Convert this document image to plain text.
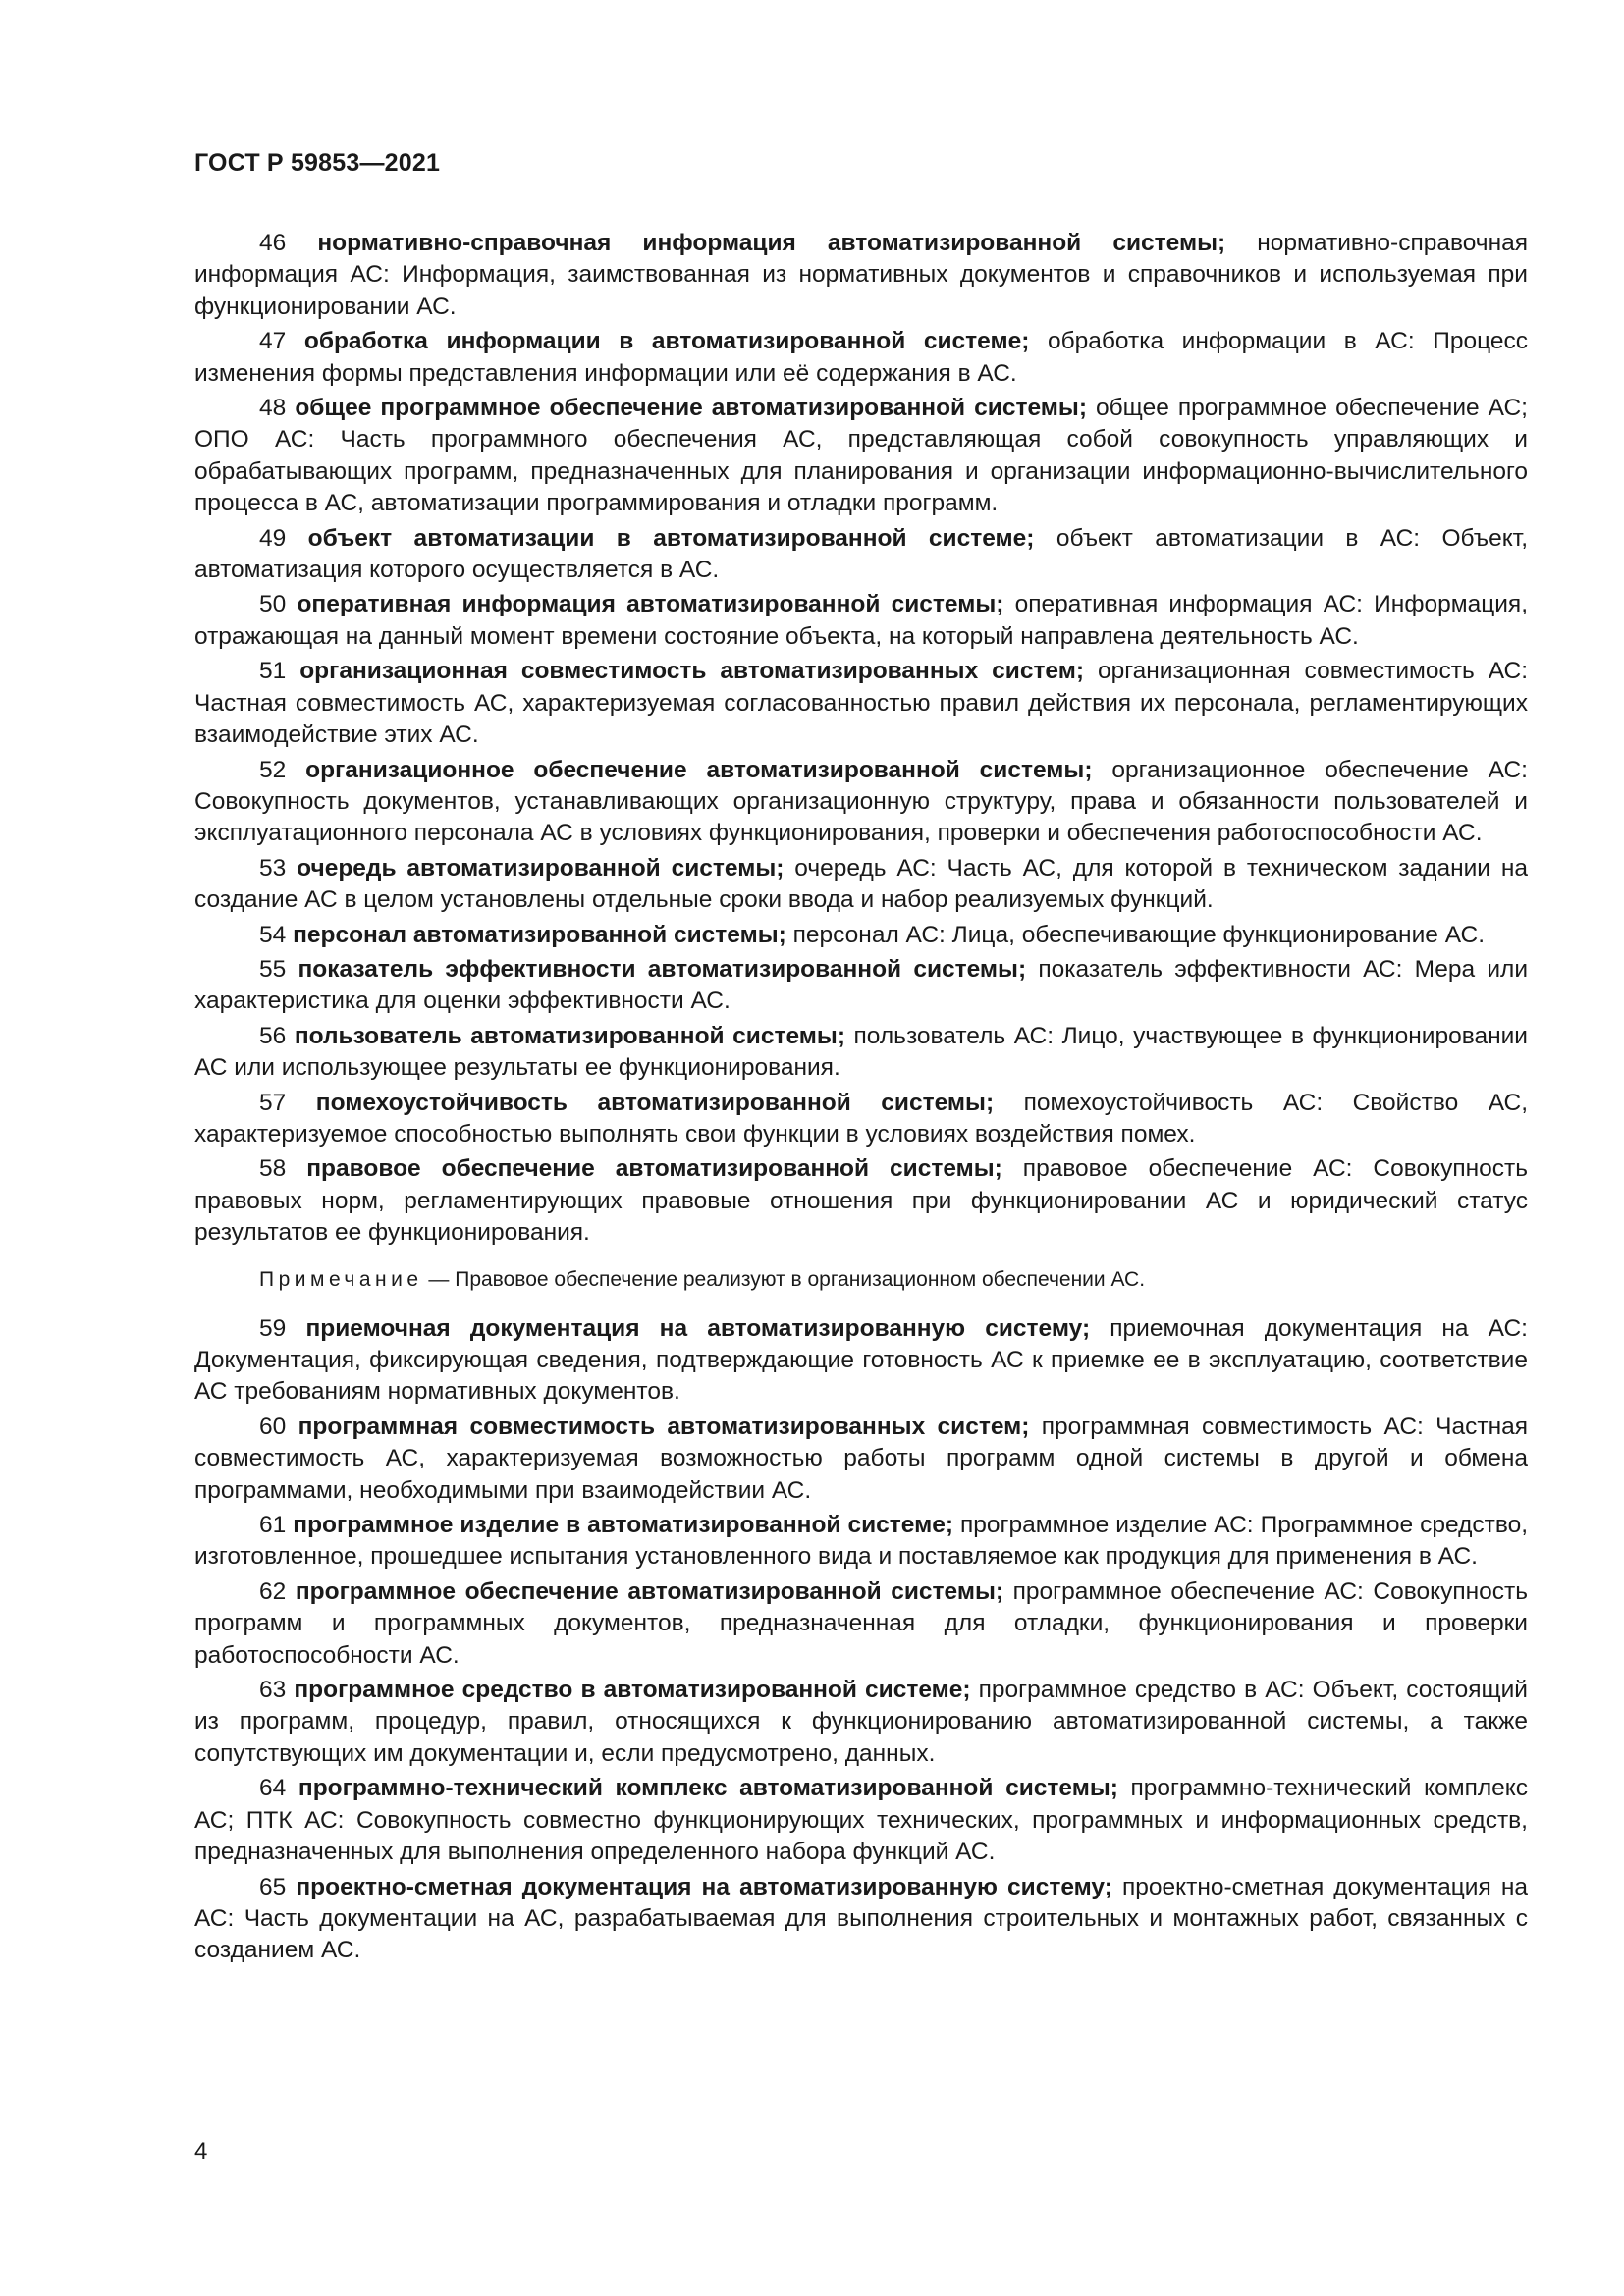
ГОСТ Р 59853—2021

46 нормативно-справочная информация автоматизированной системы; нормативно-справочная информация АС: Информация, заимствованная из нормативных документов и справочников и используемая при функционировании АС.

47 обработка информации в автоматизированной системе; обработка информации в АС: Процесс изменения формы представления информации или её содержания в АС.

48 общее программное обеспечение автоматизированной системы; общее программное обеспечение АС; ОПО АС: Часть программного обеспечения АС, представляющая собой совокупность управляющих и обрабатывающих программ, предназначенных для планирования и организации информационно-вычислительного процесса в АС, автоматизации программирования и отладки программ.

49 объект автоматизации в автоматизированной системе; объект автоматизации в АС: Объект, автоматизация которого осуществляется в АС.

50 оперативная информация автоматизированной системы; оперативная информация АС: Информация, отражающая на данный момент времени состояние объекта, на который направлена деятельность АС.

51 организационная совместимость автоматизированных систем; организационная совместимость АС: Частная совместимость АС, характеризуемая согласованностью правил действия их персонала, регламентирующих взаимодействие этих АС.

52 организационное обеспечение автоматизированной системы; организационное обеспечение АС: Совокупность документов, устанавливающих организационную структуру, права и обязанности пользователей и эксплуатационного персонала АС в условиях функционирования, проверки и обеспечения работоспособности АС.

53 очередь автоматизированной системы; очередь АС: Часть АС, для которой в техническом задании на создание АС в целом установлены отдельные сроки ввода и набор реализуемых функций.

54 персонал автоматизированной системы; персонал АС: Лица, обеспечивающие функционирование АС.

55 показатель эффективности автоматизированной системы; показатель эффективности АС: Мера или характеристика для оценки эффективности АС.

56 пользователь автоматизированной системы; пользователь АС: Лицо, участвующее в функционировании АС или использующее результаты ее функционирования.

57 помехоустойчивость автоматизированной системы; помехоустойчивость АС: Свойство АС, характеризуемое способностью выполнять свои функции в условиях воздействия помех.

58 правовое обеспечение автоматизированной системы; правовое обеспечение АС: Совокупность правовых норм, регламентирующих правовые отношения при функционировании АС и юридический статус результатов ее функционирования.

Примечание — Правовое обеспечение реализуют в организационном обеспечении АС.

59 приемочная документация на автоматизированную систему; приемочная документация на АС: Документация, фиксирующая сведения, подтверждающие готовность АС к приемке ее в эксплуатацию, соответствие АС требованиям нормативных документов.

60 программная совместимость автоматизированных систем; программная совместимость АС: Частная совместимость АС, характеризуемая возможностью работы программ одной системы в другой и обмена программами, необходимыми при взаимодействии АС.

61 программное изделие в автоматизированной системе; программное изделие АС: Программное средство, изготовленное, прошедшее испытания установленного вида и поставляемое как продукция для применения в АС.

62 программное обеспечение автоматизированной системы; программное обеспечение АС: Совокупность программ и программных документов, предназначенная для отладки, функционирования и проверки работоспособности АС.

63 программное средство в автоматизированной системе; программное средство в АС: Объект, состоящий из программ, процедур, правил, относящихся к функционированию автоматизированной системы, а также сопутствующих им документации и, если предусмотрено, данных.

64 программно-технический комплекс автоматизированной системы; программно-технический комплекс АС; ПТК АС: Совокупность совместно функционирующих технических, программных и информационных средств, предназначенных для выполнения определенного набора функций АС.

65 проектно-сметная документация на автоматизированную систему; проектно-сметная документация на АС: Часть документации на АС, разрабатываемая для выполнения строительных и монтажных работ, связанных с созданием АС.

4
